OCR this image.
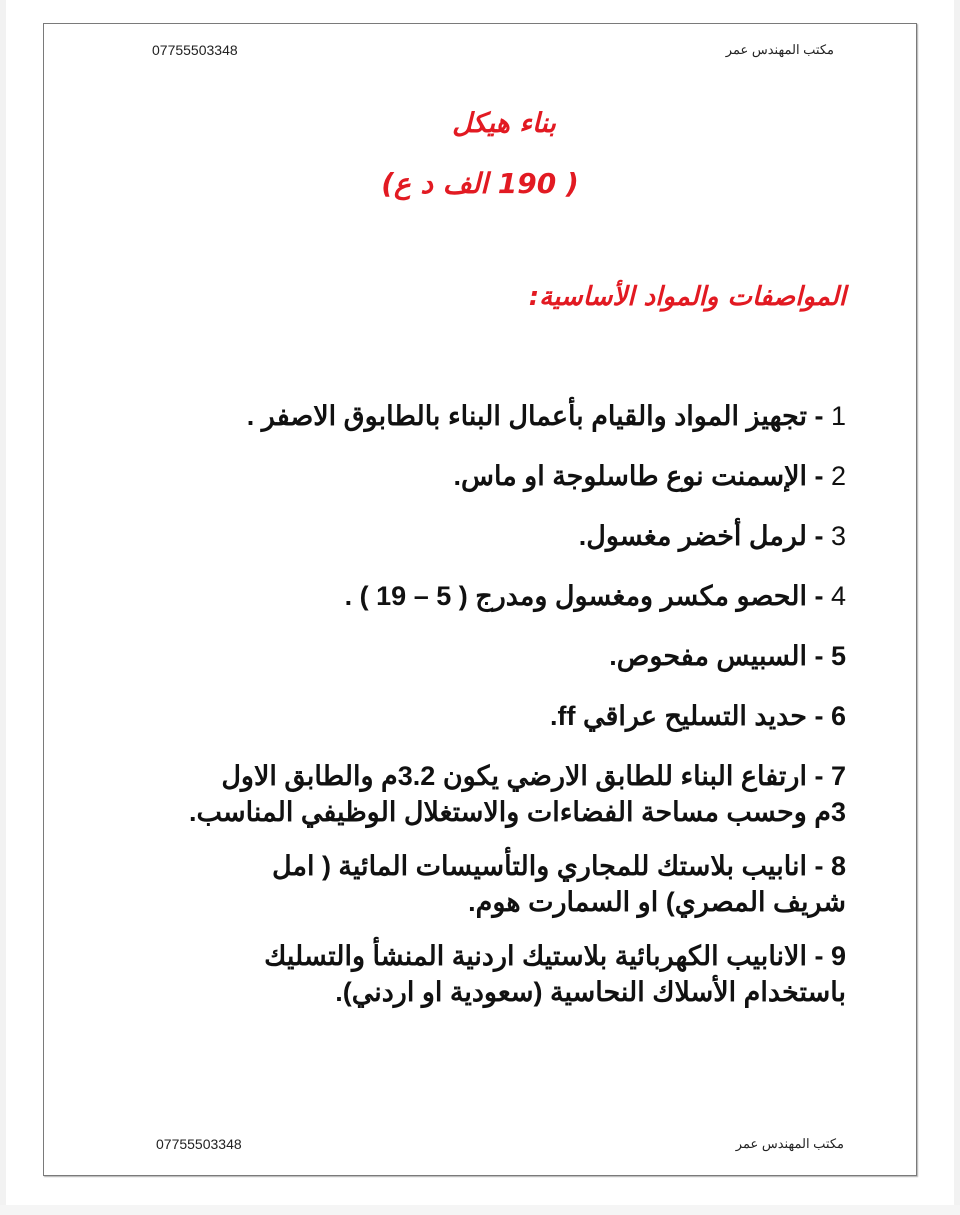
07755503348	مكتب المهندس عمر
بناء هيكل
( 190 الف د ع)
المواصفات والمواد الأساسية:
1 - تجهيز المواد والقيام بأعمال البناء بالطابوق الاصفر .
2 - الإسمنت نوع طاسلوجة او ماس.
3 - لرمل أخضر مغسول.
4 - الحصو مكسر ومغسول ومدرج ( 5 – 19 ) .
5 - السبيس مفحوص.
6 - حديد التسليح عراقي ff.
7 - ارتفاع البناء للطابق الارضي يكون 3.2م والطابق الاول
3م وحسب مساحة الفضاءات والاستغلال الوظيفي المناسب.
8 - انابيب بلاستك للمجاري والتأسيسات المائية ( امل
شريف المصري) او السمارت هوم.
9 - الانابيب الكهربائية بلاستيك اردنية المنشأ والتسليك
باستخدام الأسلاك النحاسية (سعودية او اردني).
07755503348	مكتب المهندس عمر
